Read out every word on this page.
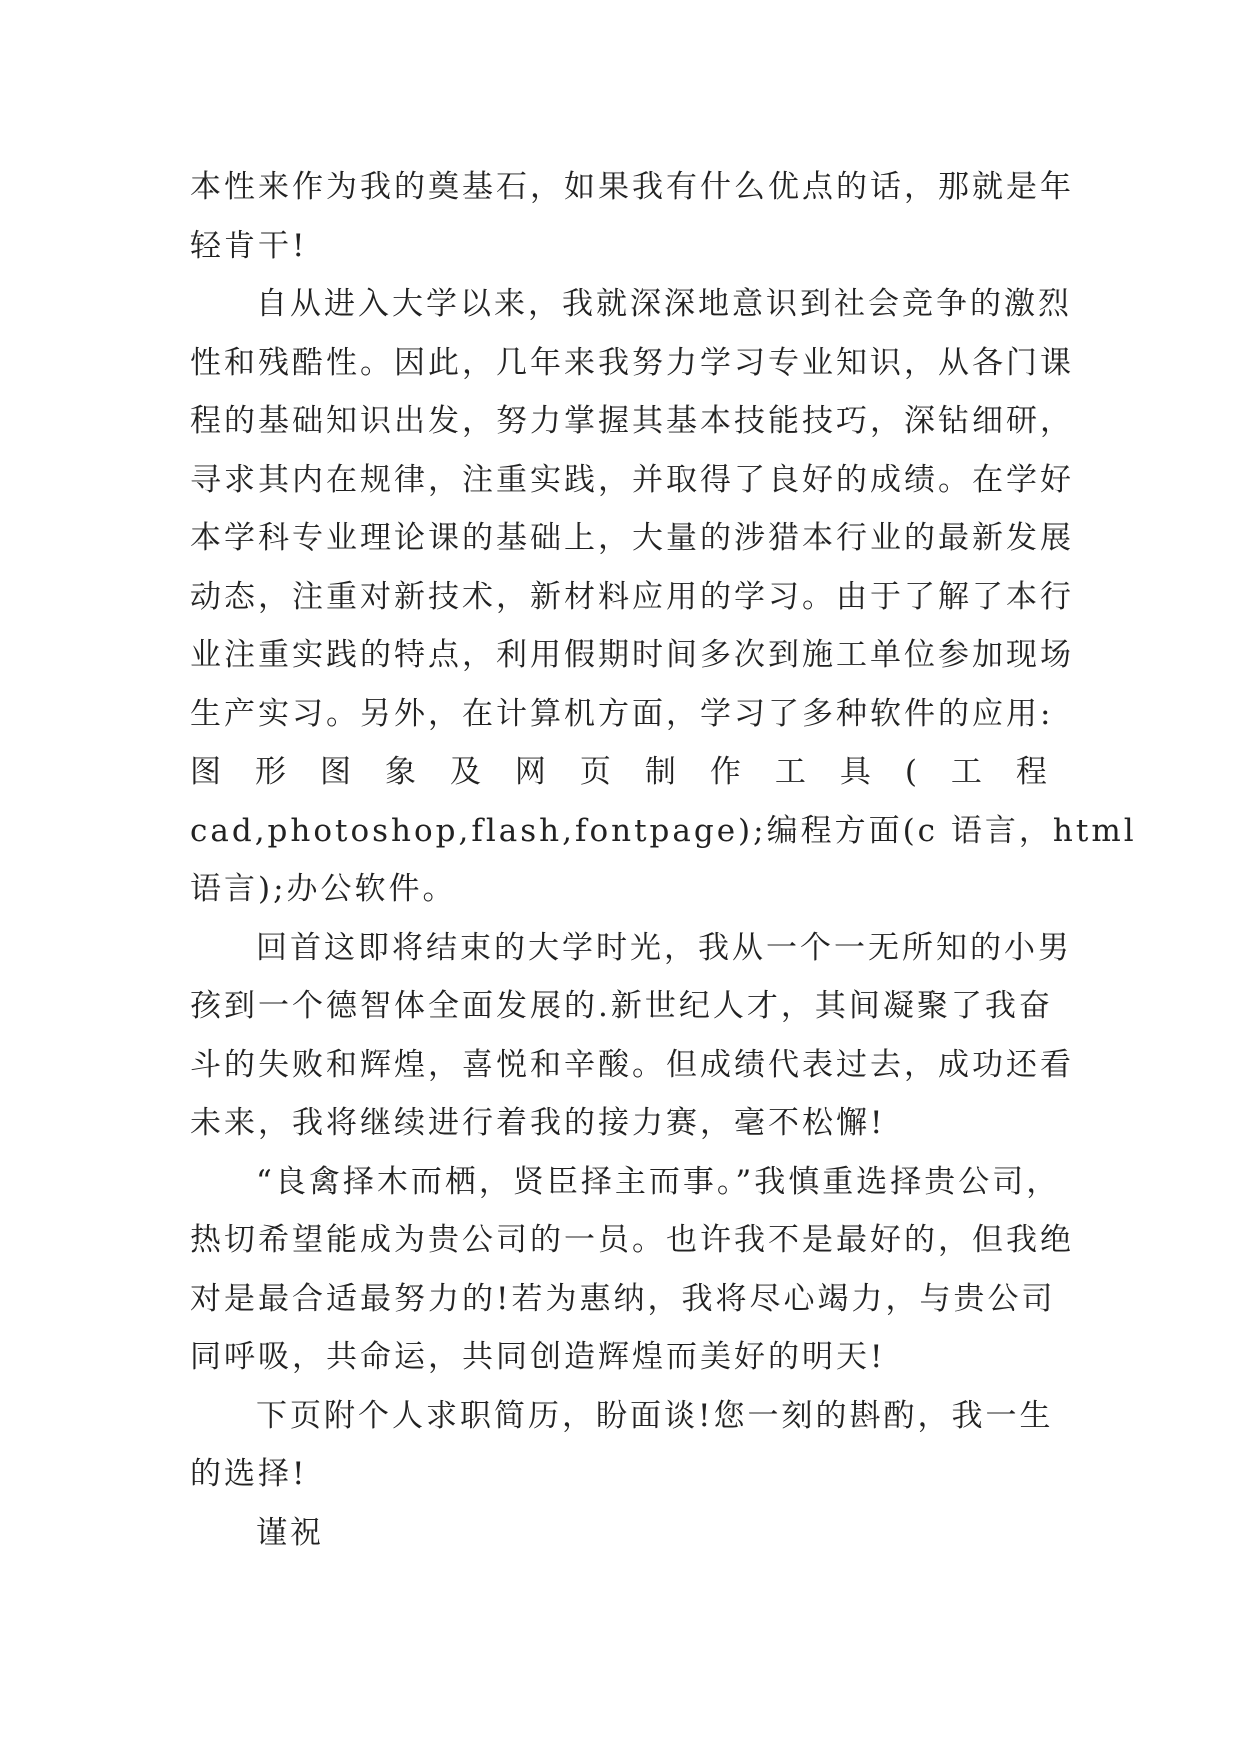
本性来作为我的奠基石，如果我有什么优点的话，那就是年
轻肯干!
自从进入大学以来，我就深深地意识到社会竞争的激烈
性和残酷性。因此，几年来我努力学习专业知识，从各门课
程的基础知识出发，努力掌握其基本技能技巧，深钻细研，
寻求其内在规律，注重实践，并取得了良好的成绩。在学好
本学科专业理论课的基础上，大量的涉猎本行业的最新发展
动态，注重对新技术，新材料应用的学习。由于了解了本行
业注重实践的特点，利用假期时间多次到施工单位参加现场
生产实习。另外，在计算机方面，学习了多种软件的应用:
图 形 图 象 及 网 页 制 作 工 具 ( 工 程
cad,photoshop,flash,fontpage);编程方面(c 语言，html
语言);办公软件。
回首这即将结束的大学时光，我从一个一无所知的小男
孩到一个德智体全面发展的.新世纪人才，其间凝聚了我奋
斗的失败和辉煌，喜悦和辛酸。但成绩代表过去，成功还看
未来，我将继续进行着我的接力赛，毫不松懈!
“良禽择木而栖，贤臣择主而事。”我慎重选择贵公司，
热切希望能成为贵公司的一员。也许我不是最好的，但我绝
对是最合适最努力的!若为惠纳，我将尽心竭力，与贵公司
同呼吸，共命运，共同创造辉煌而美好的明天!
下页附个人求职简历，盼面谈!您一刻的斟酌，我一生
的选择!
谨祝
